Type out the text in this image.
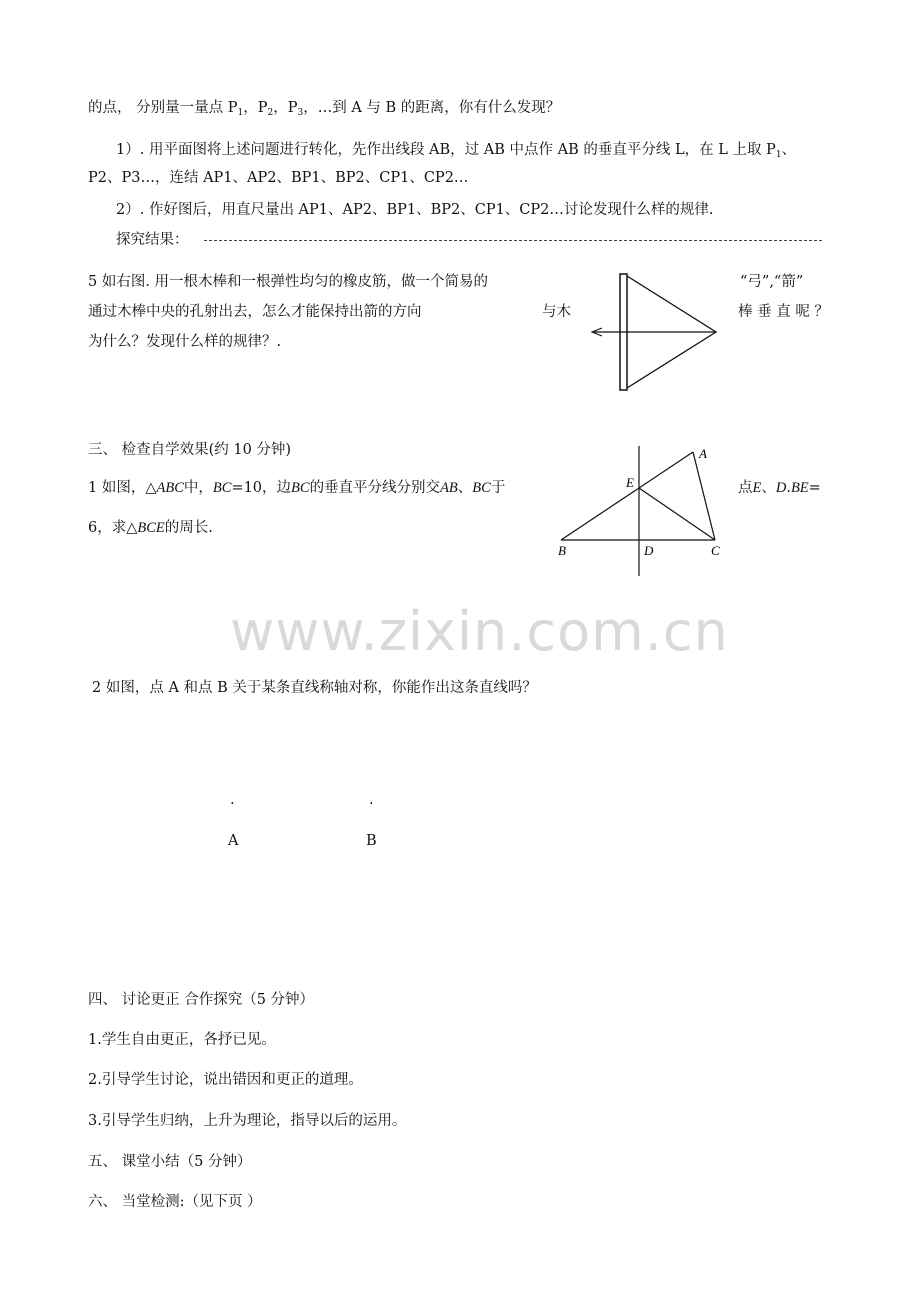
的点， 分别量一量点 $P_1$，$P_2$，$P_3$，…到 A 与 B 的距离，你有什么发现？
1）. 用平面图将上述问题进行转化，先作出线段 AB，过 AB 中点作 AB 的垂直平分线 L，在 L 上取 $P_1$、
P2、P3…，连结 AP1、AP2、BP1、BP2、CP1、CP2…
2）. 作好图后，用直尺量出 AP1、AP2、BP1、BP2、CP1、CP2…讨论发现什么样的规律.
探究结果：
5 如右图. 用一根木棒和一根弹性均匀的橡皮筋，做一个简易的	“弓”,“箭”
通过木棒中央的孔射出去，怎么才能保持出箭的方向	与木	棒 垂 直 呢 ？
为什么？发现什么样的规律？.
三、 检查自学效果(约 10 分钟)
1 如图，△ABC中，BC=10，边BC的垂直平分线分别交AB、BC于	点E、D.BE=
6，求△BCE的周长.
A
E
B	D	C
www.zixin.com.cn
2 如图，点 A 和点 B 关于某条直线称轴对称，你能作出这条直线吗？
.	.
A	B
四、 讨论更正 合作探究（5 分钟）
1.学生自由更正，各抒已见。
2.引导学生讨论，说出错因和更正的道理。
3.引导学生归纳，上升为理论，指导以后的运用。
五、 课堂小结（5 分钟）
六、 当堂检测:（见下页 ）
